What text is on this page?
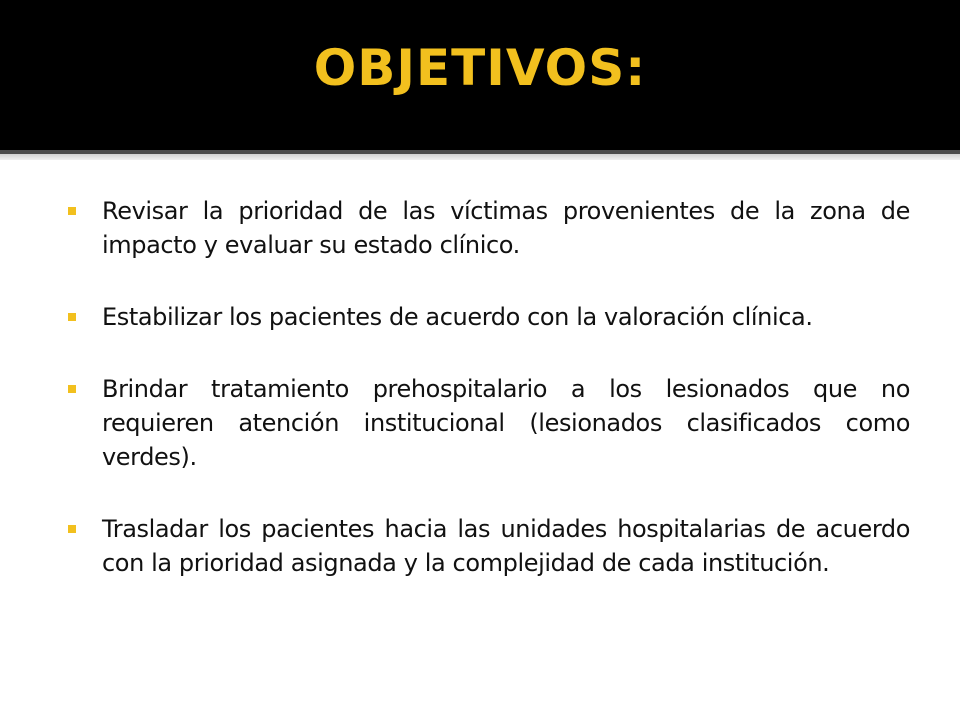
OBJETIVOS:
Revisar la prioridad de las víctimas provenientes de la zona de impacto y evaluar su estado clínico.
Estabilizar los pacientes de acuerdo con la valoración clínica.
Brindar tratamiento prehospitalario a los lesionados que no requieren atención institucional (lesionados clasificados como verdes).
Trasladar los pacientes hacia las unidades hospitalarias de acuerdo con la prioridad asignada y la complejidad de cada institución.
